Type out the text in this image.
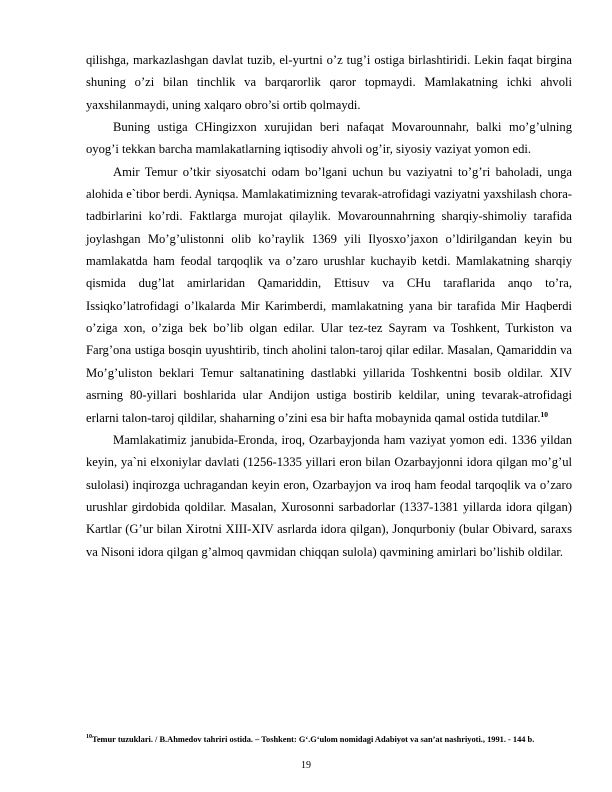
qilishga, markazlashgan davlat tuzib, el-yurtni o’z tug’i ostiga birlashtiridi. Lekin faqat birgina shuning o’zi bilan tinchlik va barqarorlik qaror topmaydi. Mamlakatning ichki ahvoli yaxshilanmaydi, uning xalqaro obro’si ortib qolmaydi.

Buning ustiga CHingizxon xurujidan beri nafaqat Movarounnahr, balki mo’g’ulning oyog’i tekkan barcha mamlakatlarning iqtisodiy ahvoli og’ir, siyosiy vaziyat yomon edi.

Amir Temur o’tkir siyosatchi odam bo’lgani uchun bu vaziyatni to’g’ri baholadi, unga alohida e`tibor berdi. Ayniqsa. Mamlakatimizning tevarak-atrofidagi vaziyatni yaxshilash chora-tadbirlarini ko’rdi. Faktlarga murojat qilaylik. Movarounnahrning sharqiy-shimoliy tarafida joylashgan Mo’g’ulistonni olib ko’raylik 1369 yili Ilyosxo’jaxon o’ldirilgandan keyin bu mamlakatda ham feodal tarqoqlik va o’zaro urushlar kuchayib ketdi. Mamlakatning sharqiy qismida dug’lat amirlaridan Qamariddin, Ettisuv va CHu taraflarida anqo to’ra, Issiqko’latrofidagi o’lkalarda Mir Karimberdi, mamlakatning yana bir tarafida Mir Haqberdi o’ziga xon, o’ziga bek bo’lib olgan edilar. Ular tez-tez Sayram va Toshkent, Turkiston va Farg’ona ustiga bosqin uyushtirib, tinch aholini talon-taroj qilar edilar. Masalan, Qamariddin va Mo’g’uliston beklari Temur saltanatining dastlabki yillarida Toshkentni bosib oldilar. XIV asrning 80-yillari boshlarida ular Andijon ustiga bostirib keldilar, uning tevarak-atrofidagi erlarni talon-taroj qildilar, shaharning o’zini esa bir hafta mobaynida qamal ostida tutdilar.$^{10}$

Mamlakatimiz janubida-Eronda, iroq, Ozarbayjonda ham vaziyat yomon edi. 1336 yildan keyin, ya`ni elxoniylar davlati (1256-1335 yillari eron bilan Ozarbayjonni idora qilgan mo’g’ul sulolasi) inqirozga uchragandan keyin eron, Ozarbayjon va iroq ham feodal tarqoqlik va o’zaro urushlar girdobida qoldilar. Masalan, Xurosonni sarbadorlar (1337-1381 yillarda idora qilgan) Kartlar (G’ur bilan Xirotni XIII-XIV asrlarda idora qilgan), Jonqurboniy (bular Obivard, saraxs va Nisoni idora qilgan g’almoq qavmidan chiqqan sulola) qavmining amirlari bo’lishib oldilar.

$^{10}$Temur tuzuklari. / B.Ahmedov tahriri ostida. – Toshkent: G‘.G‘ulom nomidagi Adabiyot va san’at nashriyoti., 1991. - 144 b.
19
